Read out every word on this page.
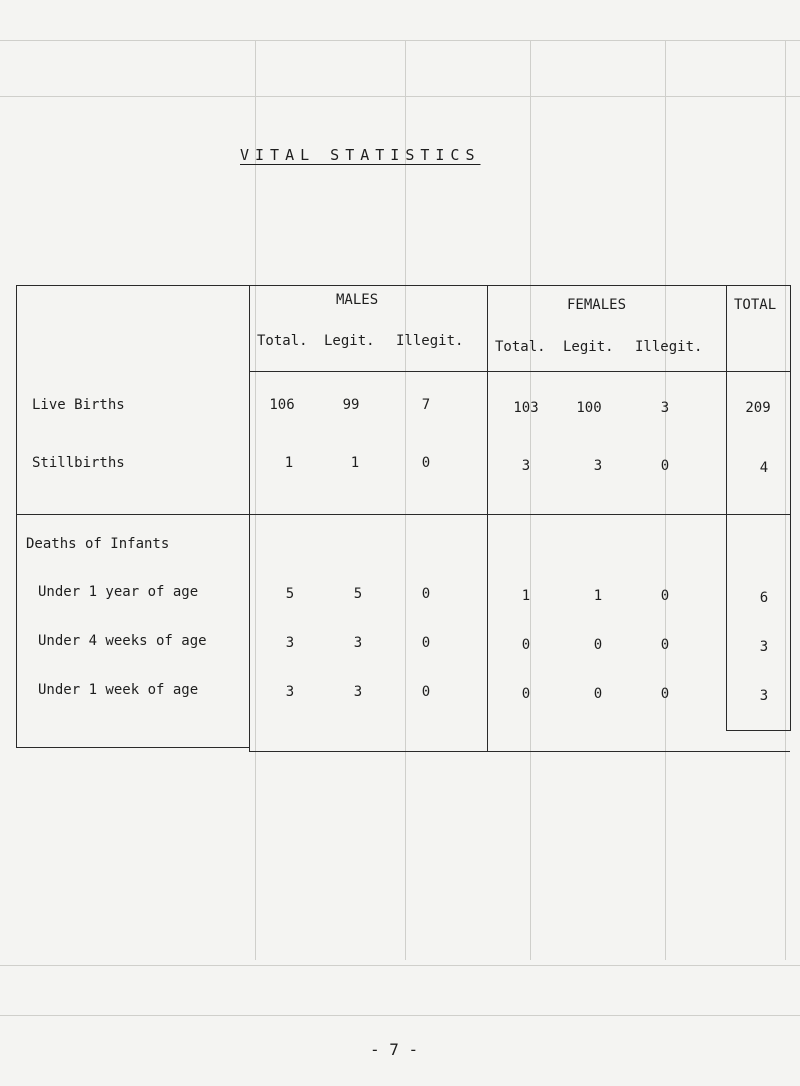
VITAL STATISTICS
MALES	FEMALES	TOTAL
Total. Legit. Illegit. Total. Legit. Illegit.
Live Births	106	99	7	103	100	3	209
Stillbirths	1	1	0	3	3	0	4
Deaths of Infants
Under 1 year of age	5	5	0	1	1	0	6
Under 4 weeks of age	3	3	0	0	0	0	3
Under 1 week of age	3	3	0	0	0	0	3
- 7 -
